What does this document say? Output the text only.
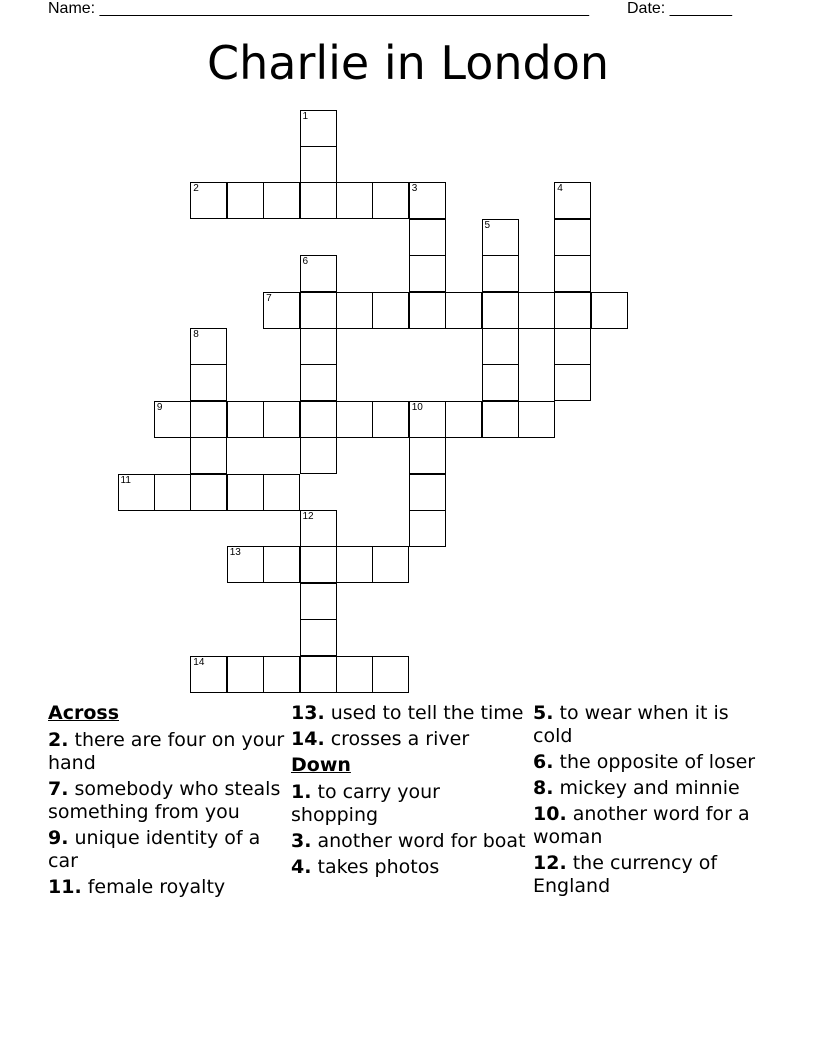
Name: _______________________________________________________ Date: _______
Charlie in London
1
2	3	4
5
6
7
8
9	10
11
12
13
14
Across
2. there are four on your hand
7. somebody who steals something from you
9. unique identity of a car
11. female royalty
13. used to tell the time
14. crosses a river
Down
1. to carry your shopping
3. another word for boat
4. takes photos
5. to wear when it is cold
6. the opposite of loser
8. mickey and minnie
10. another word for a woman
12. the currency of England
